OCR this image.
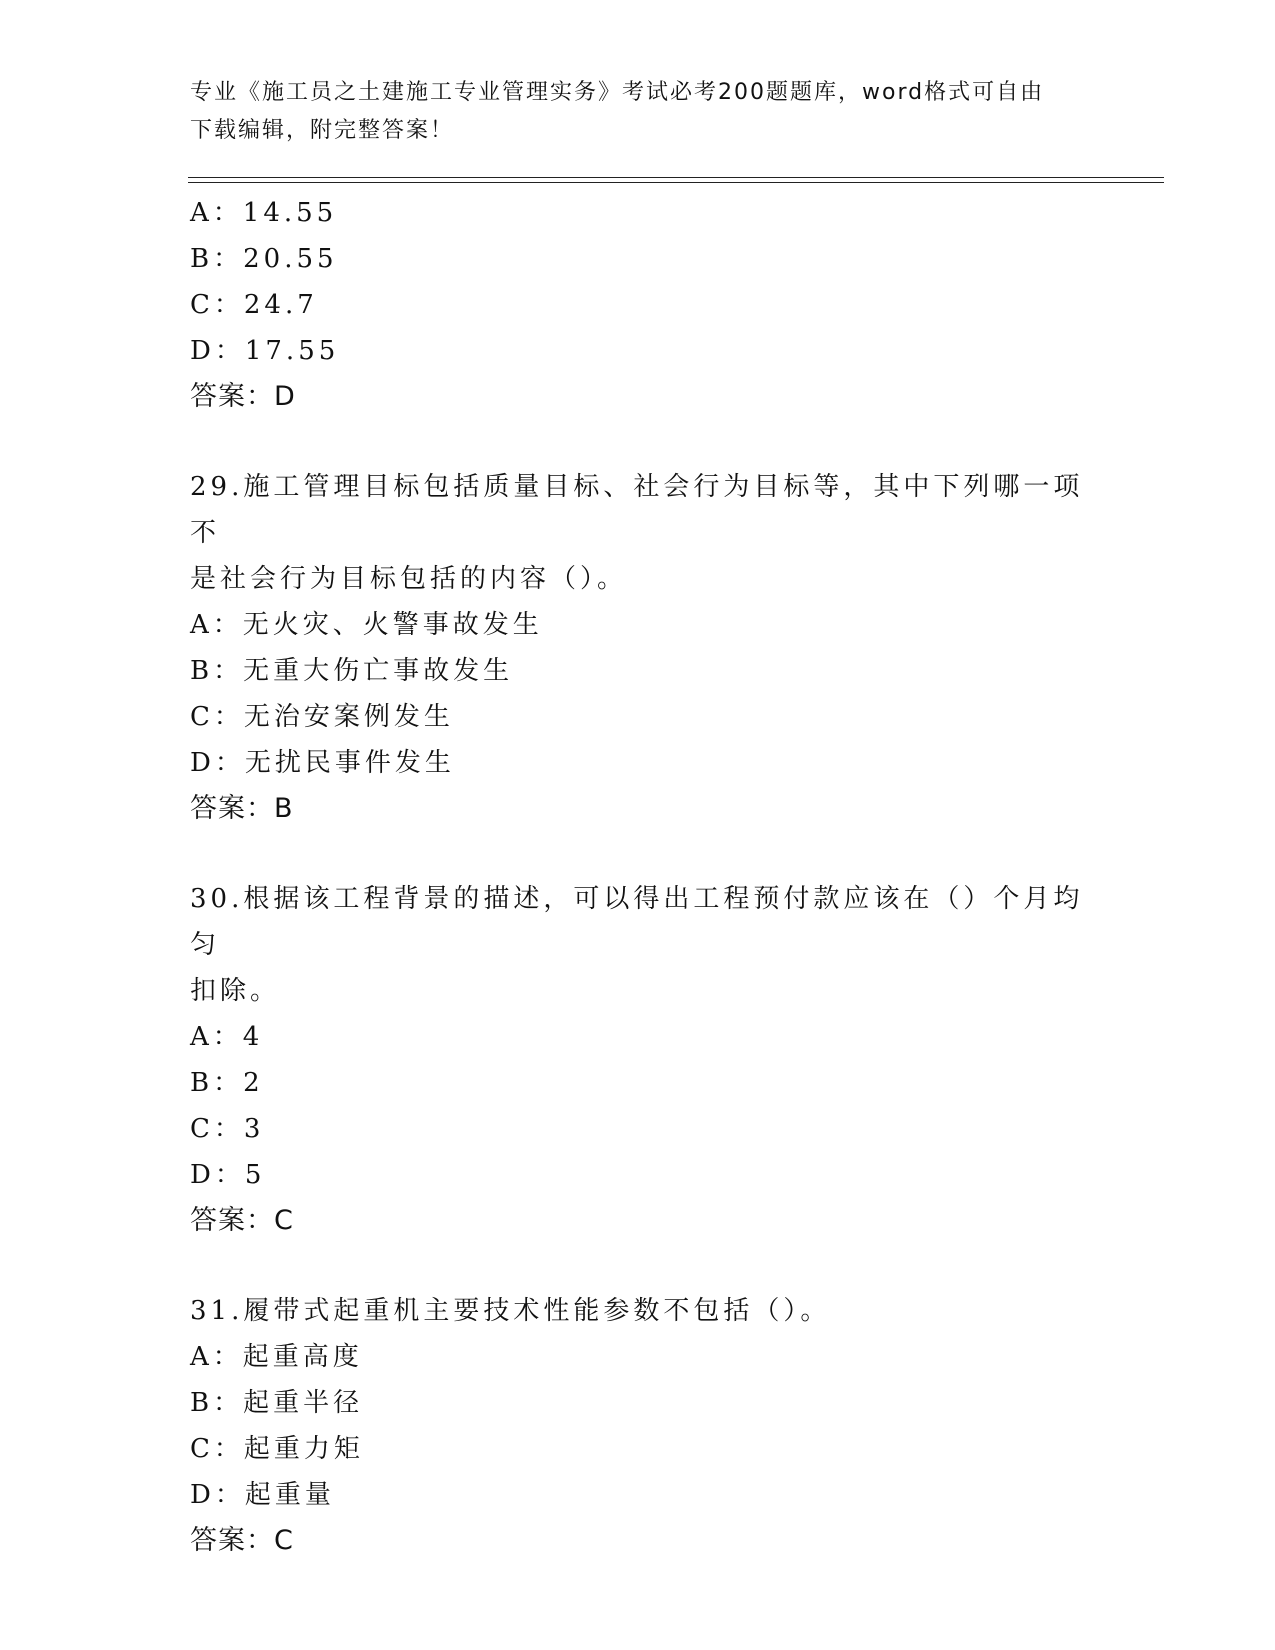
专业《施工员之土建施工专业管理实务》考试必考200题题库，word格式可自由
下载编辑，附完整答案！
A：14.55
B：20.55
C：24.7
D：17.55
答案：D
29.施工管理目标包括质量目标、社会行为目标等，其中下列哪一项不
是社会行为目标包括的内容（）。
A：无火灾、火警事故发生
B：无重大伤亡事故发生
C：无治安案例发生
D：无扰民事件发生
答案：B
30.根据该工程背景的描述，可以得出工程预付款应该在（）个月均匀
扣除。
A：4
B：2
C：3
D：5
答案：C
31.履带式起重机主要技术性能参数不包括（）。
A：起重高度
B：起重半径
C：起重力矩
D：起重量
答案：C
